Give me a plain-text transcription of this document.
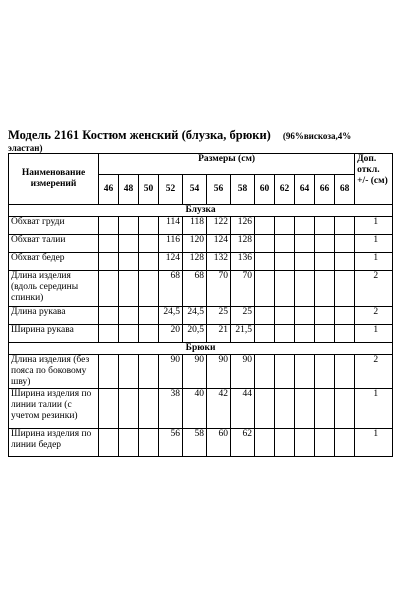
Модель 2161 Костюм женский (блузка, брюки) (96%вискоза,4%
эластан)
Наименование измерений	Размеры (см)												Доп. откл. +/- (см)
	46	48	50	52	54	56	58	60	62	64	66	68	
Блузка													
Обхват груди				114	118	122	126						1
Обхват талии				116	120	124	128						1
Обхват бедер				124	128	132	136						1
Длина изделия (вдоль середины спинки)				68	68	70	70						2
Длина рукава				24,5	24,5	25	25						2
Ширина рукава				20	20,5	21	21,5						1
Брюки													
Длина изделия (без пояса по боковому шву)				90	90	90	90						2
Ширина изделия по линии талии (с учетом резинки)				38	40	42	44						1
Ширина изделия по линии бедер				56	58	60	62						1
